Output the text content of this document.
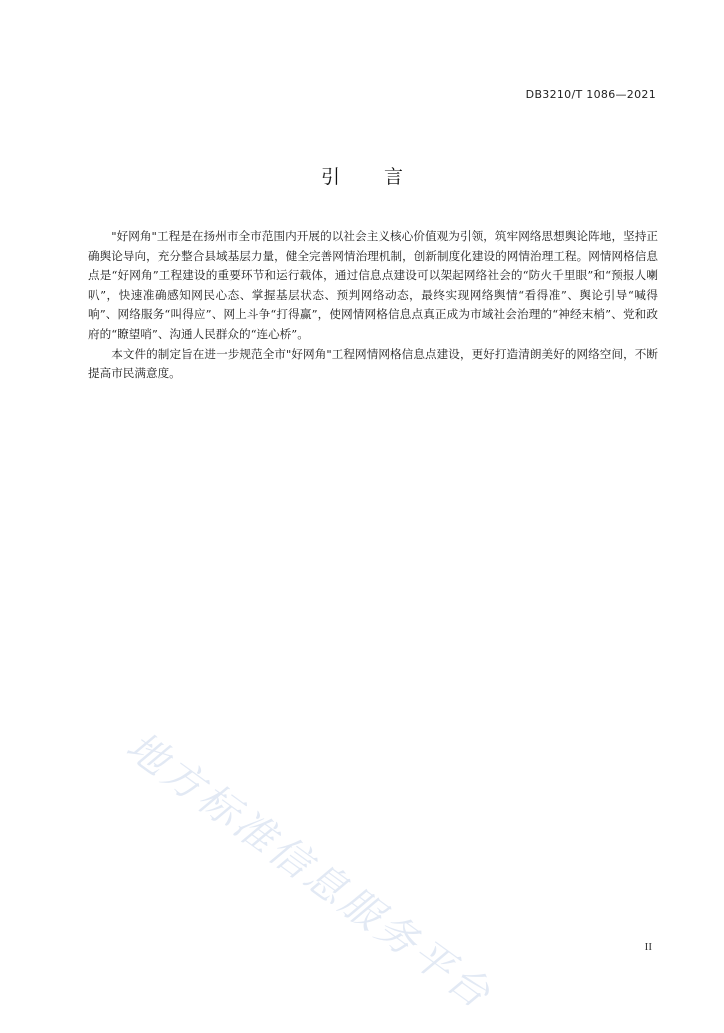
DB3210/T 1086—2021
引 言

"好网角"工程是在扬州市全市范围内开展的以社会主义核心价值观为引领，筑牢网络思想舆论阵地，坚持正确舆论导向，充分整合县域基层力量，健全完善网情治理机制，创新制度化建设的网情治理工程。网情网格信息点是“好网角”工程建设的重要环节和运行载体，通过信息点建设可以架起网络社会的“防火千里眼”和“预报人喇叭”，快速准确感知网民心态、掌握基层状态、预判网络动态，最终实现网络舆情“看得准”、舆论引导“喊得响”、网络服务“叫得应”、网上斗争“打得赢”，使网情网格信息点真正成为市域社会治理的“神经末梢”、党和政府的“瞭望哨”、沟通人民群众的“连心桥”。

本文件的制定旨在进一步规范全市"好网角"工程网情网格信息点建设，更好打造清朗美好的网络空间，不断提高市民满意度。

地方标准信息服务平台	II
